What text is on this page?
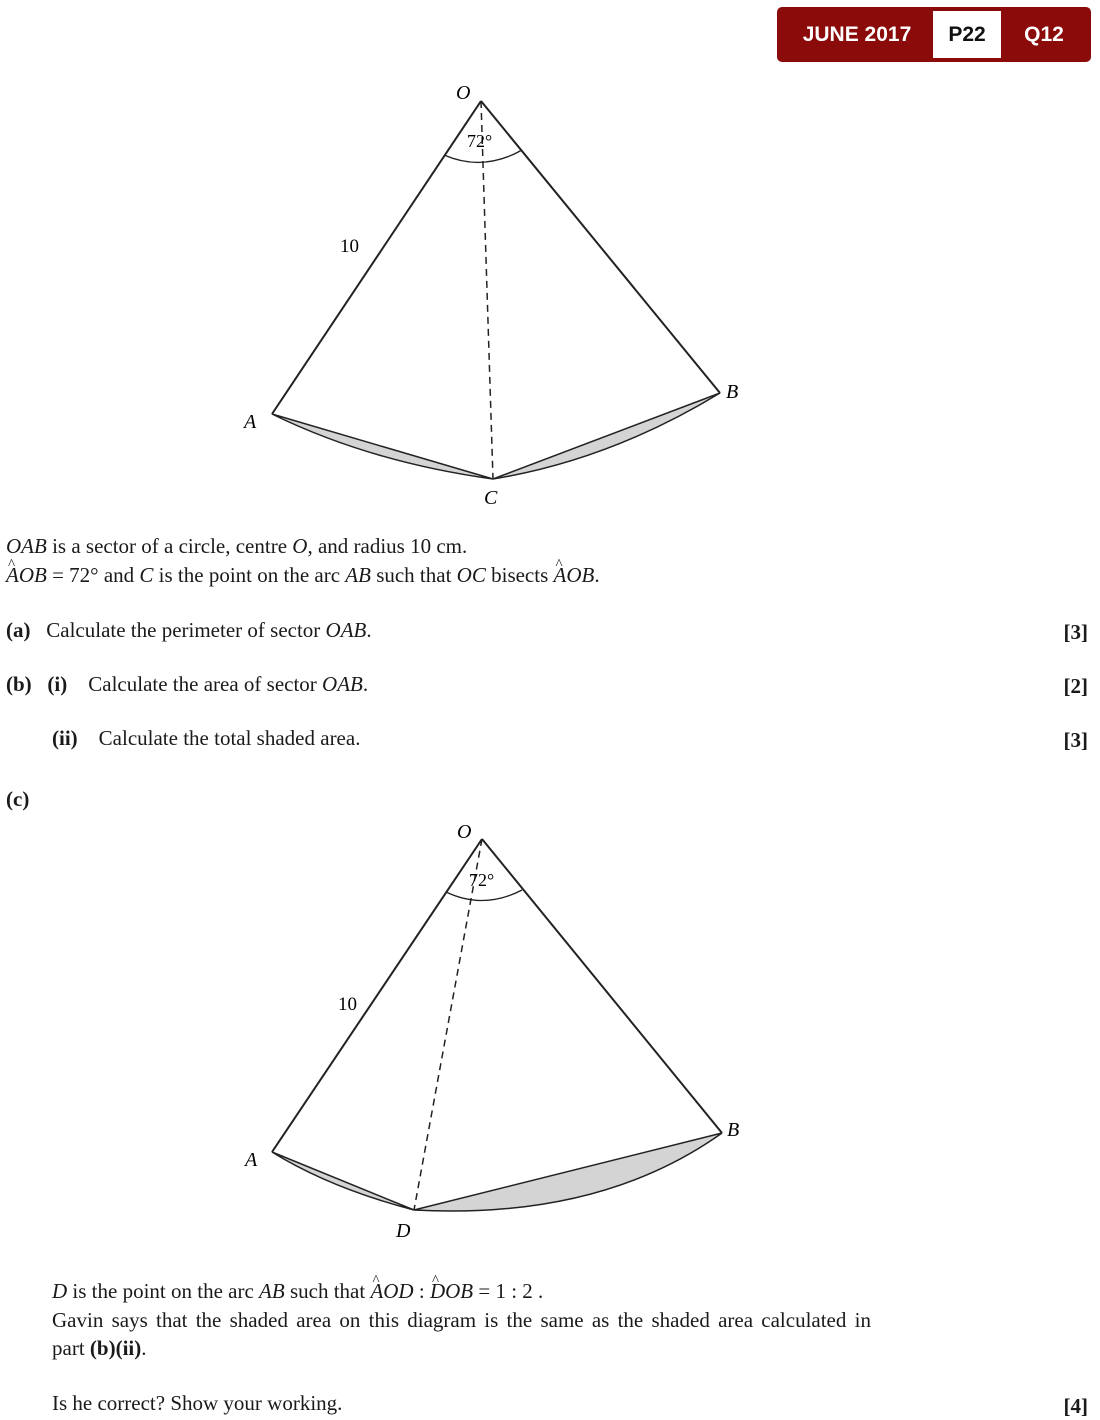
JUNE 2017	P22	Q12
O
A
B
C
72°
10
OAB is a sector of a circle, centre O, and radius 10 cm.
AOB ^ = 72° and C is the point on the arc AB such that OC bisects AOB ^.
(a) Calculate the perimeter of sector OAB.	[3]
(b) (i) Calculate the area of sector OAB.	[2]
(ii) Calculate the total shaded area.	[3]
(c)
O
A
B
D
72°
10
D is the point on the arc AB such that AOD ^ : DOB ^ = 1 : 2 .
Gavin says that the shaded area on this diagram is the same as the shaded area calculated in
part (b)(ii).
Is he correct? Show your working.	[4]
